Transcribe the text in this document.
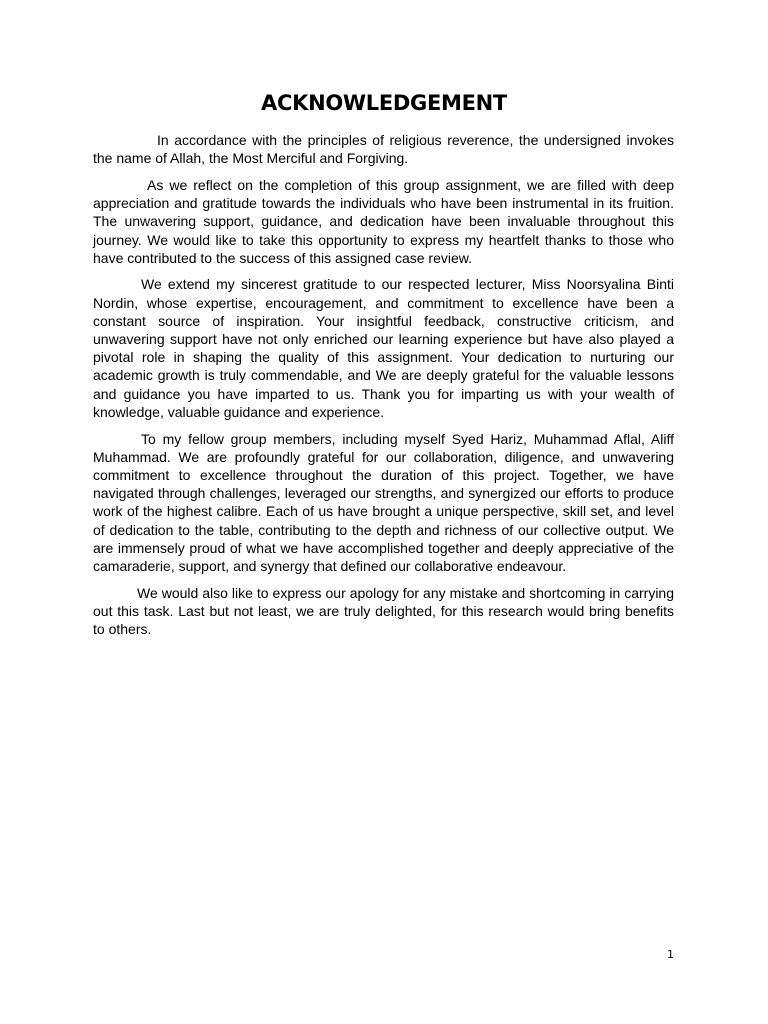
ACKNOWLEDGEMENT

In accordance with the principles of religious reverence, the undersigned invokes the name of Allah, the Most Merciful and Forgiving.

As we reflect on the completion of this group assignment, we are filled with deep appreciation and gratitude towards the individuals who have been instrumental in its fruition. The unwavering support, guidance, and dedication have been invaluable throughout this journey. We would like to take this opportunity to express my heartfelt thanks to those who have contributed to the success of this assigned case review.

We extend my sincerest gratitude to our respected lecturer, Miss Noorsyalina Binti Nordin, whose expertise, encouragement, and commitment to excellence have been a constant source of inspiration. Your insightful feedback, constructive criticism, and unwavering support have not only enriched our learning experience but have also played a pivotal role in shaping the quality of this assignment. Your dedication to nurturing our academic growth is truly commendable, and We are deeply grateful for the valuable lessons and guidance you have imparted to us. Thank you for imparting us with your wealth of knowledge, valuable guidance and experience.

To my fellow group members, including myself Syed Hariz, Muhammad Aflal, Aliff Muhammad. We are profoundly grateful for our collaboration, diligence, and unwavering commitment to excellence throughout the duration of this project. Together, we have navigated through challenges, leveraged our strengths, and synergized our efforts to produce work of the highest calibre. Each of us have brought a unique perspective, skill set, and level of dedication to the table, contributing to the depth and richness of our collective output. We are immensely proud of what we have accomplished together and deeply appreciative of the camaraderie, support, and synergy that defined our collaborative endeavour.

We would also like to express our apology for any mistake and shortcoming in carrying out this task. Last but not least, we are truly delighted, for this research would bring benefits to others.

1
